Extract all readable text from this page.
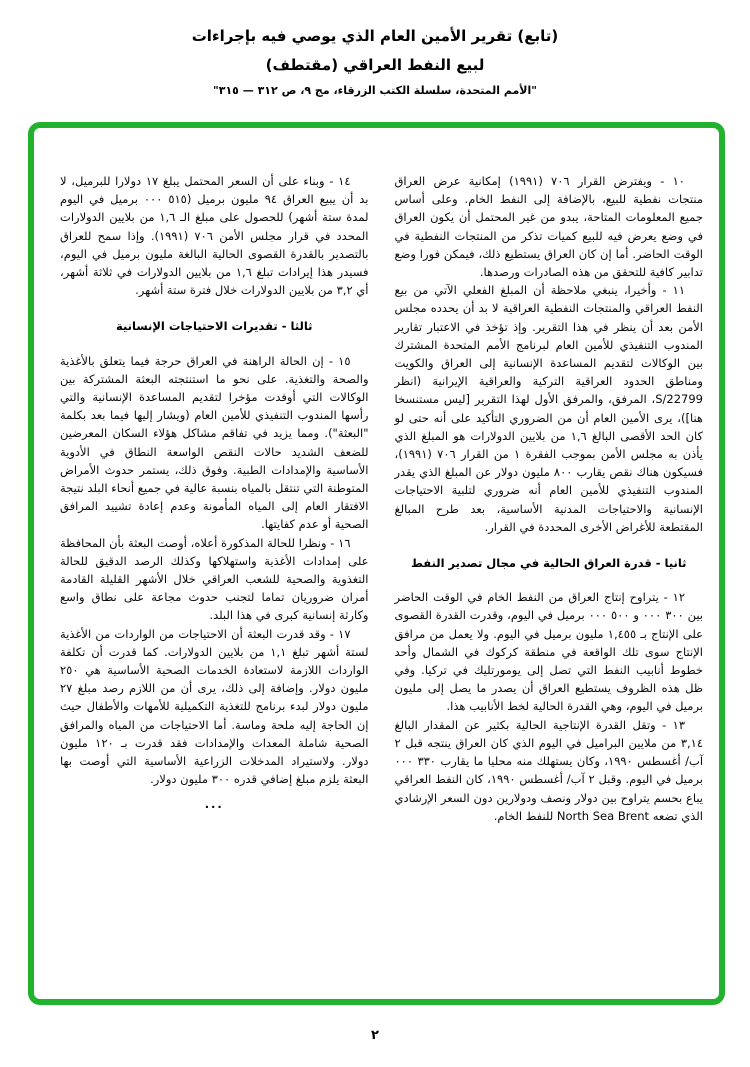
(تابع) تقرير الأمين العام الذي يوصي فيه بإجراءات
لبيع النفط العراقي (مقتطف)
"الأمم المتحدة، سلسلة الكتب الزرقاء، مج ٩، ص ٣١٢ — ٣١٥"

١٠ - ويفترض القرار ٧٠٦ (١٩٩١) إمكانية عرض العراق منتجات نفطية للبيع، بالإضافة إلى النفط الخام. وعلى أساس جميع المعلومات المتاحة، يبدو من غير المحتمل أن يكون العراق في وضع يعرض فيه للبيع كميات تذكر من المنتجات النفطية في الوقت الحاضر. أما إن كان العراق يستطيع ذلك، فيمكن فورا وضع تدابير كافية للتحقق من هذه الصادرات ورصدها.

١١ - وأخيرا، ينبغي ملاحظة أن المبلغ الفعلي الآتي من بيع النفط العراقي والمنتجات النفطية العراقية لا بد أن يحدده مجلس الأمن بعد أن ينظر في هذا التقرير. وإذ تؤخذ في الاعتبار تقارير المندوب التنفيذي للأمين العام لبرنامج الأمم المتحدة المشترك بين الوكالات لتقديم المساعدة الإنسانية إلى العراق والكويت ومناطق الحدود العراقية التركية والعراقية الإيرانية (انظر S/22799، المرفق، والمرفق الأول لهذا التقرير [ليس مستنسخا هنا])، يرى الأمين العام أن من الضروري التأكيد على أنه حتى لو كان الحد الأقصى البالغ ١,٦ من بلايين الدولارات هو المبلغ الذي يأذن به مجلس الأمن بموجب الفقرة ١ من القرار ٧٠٦ (١٩٩١)، فسيكون هناك نقص يقارب ٨٠٠ مليون دولار عن المبلغ الذي يقدر المندوب التنفيذي للأمين العام أنه ضروري لتلبية الاحتياجات الإنسانية والاحتياجات المدنية الأساسية، بعد طرح المبالغ المقتطعة للأغراض الأخرى المحددة في القرار.

ثانيا - قدرة العراق الحالية في مجال تصدير النفط

١٢ - يتراوح إنتاج العراق من النفط الخام في الوقت الحاضر بين ٣٠٠ ٠٠٠ و ٥٠٠ ٠٠٠ برميل في اليوم، وقدرت القدرة القصوى على الإنتاج بـ ١,٤٥٥ مليون برميل في اليوم. ولا يعمل من مرافق الإنتاج سوى تلك الواقعة في منطقة كركوك في الشمال وأحد خطوط أنابيب النفط التي تصل إلى يومورتليك في تركيا. وفي ظل هذه الظروف يستطيع العراق أن يصدر ما يصل إلى مليون برميل في اليوم، وهي القدرة الحالية لخط الأنابيب هذا.

١٣ - وتقل القدرة الإنتاجية الحالية بكثير عن المقدار البالغ ٣,١٤ من ملايين البراميل في اليوم الذي كان العراق ينتجه قبل ٢ آب/ أغسطس ١٩٩٠، وكان يستهلك منه محليا ما يقارب ٣٣٠ ٠٠٠ برميل في اليوم. وقبل ٢ آب/ أغسطس ١٩٩٠، كان النفط العراقي يباع بحسم يتراوح بين دولار ونصف ودولارين دون السعر الإرشادي الذي تضعه North Sea Brent للنفط الخام.

١٤ - وبناء على أن السعر المحتمل يبلغ ١٧ دولارا للبرميل، لا بد أن يبيع العراق ٩٤ مليون برميل (٥١٥ ٠٠٠ برميل في اليوم لمدة ستة أشهر) للحصول على مبلغ الـ ١,٦ من بلايين الدولارات المحدد في قرار مجلس الأمن ٧٠٦ (١٩٩١). وإذا سمح للعراق بالتصدير بالقدرة القصوى الحالية البالغة مليون برميل في اليوم، فسيدر هذا إيرادات تبلغ ١,٦ من بلايين الدولارات في ثلاثة أشهر، أي ٣,٢ من بلايين الدولارات خلال فترة ستة أشهر.

ثالثا - تقديرات الاحتياجات الإنسانية

١٥ - إن الحالة الراهنة في العراق حرجة فيما يتعلق بالأغذية والصحة والتغذية. على نحو ما استنتجته البعثة المشتركة بين الوكالات التي أوفدت مؤخرا لتقديم المساعدة الإنسانية والتي رأسها المندوب التنفيذي للأمين العام (ويشار إليها فيما بعد بكلمة "البعثة"). ومما يزيد في تفاقم مشاكل هؤلاء السكان المعرضين للضعف الشديد حالات النقص الواسعة النطاق في الأدوية الأساسية والإمدادات الطبية. وفوق ذلك، يستمر حدوث الأمراض المتوطنة التي تنتقل بالمياه بنسبة عالية في جميع أنحاء البلد نتيجة الافتقار العام إلى المياه المأمونة وعدم إعادة تشييد المرافق الصحية أو عدم كفايتها.

١٦ - ونظرا للحالة المذكورة أعلاه، أوصت البعثة بأن المحافظة على إمدادات الأغذية واستهلاكها وكذلك الرصد الدقيق للحالة التغذوية والصحية للشعب العراقي خلال الأشهر القليلة القادمة أمران ضروريان تماما لتجنب حدوث مجاعة على نطاق واسع وكارثة إنسانية كبرى في هذا البلد.

١٧ - وقد قدرت البعثة أن الاحتياجات من الواردات من الأغذية لستة أشهر تبلغ ١,١ من بلايين الدولارات. كما قدرت أن تكلفة الواردات اللازمة لاستعادة الخدمات الصحية الأساسية هي ٢٥٠ مليون دولار. وإضافة إلى ذلك، يرى أن من اللازم رصد مبلغ ٢٧ مليون دولار لبدء برنامج للتغذية التكميلية للأمهات والأطفال حيث إن الحاجة إليه ملحة وماسة. أما الاحتياجات من المياه والمرافق الصحية شاملة المعدات والإمدادات فقد قدرت بـ ١٢٠ مليون دولار. ولاستيراد المدخلات الزراعية الأساسية التي أوصت بها البعثة يلزم مبلغ إضافي قدره ٣٠٠ مليون دولار.

...
٢
